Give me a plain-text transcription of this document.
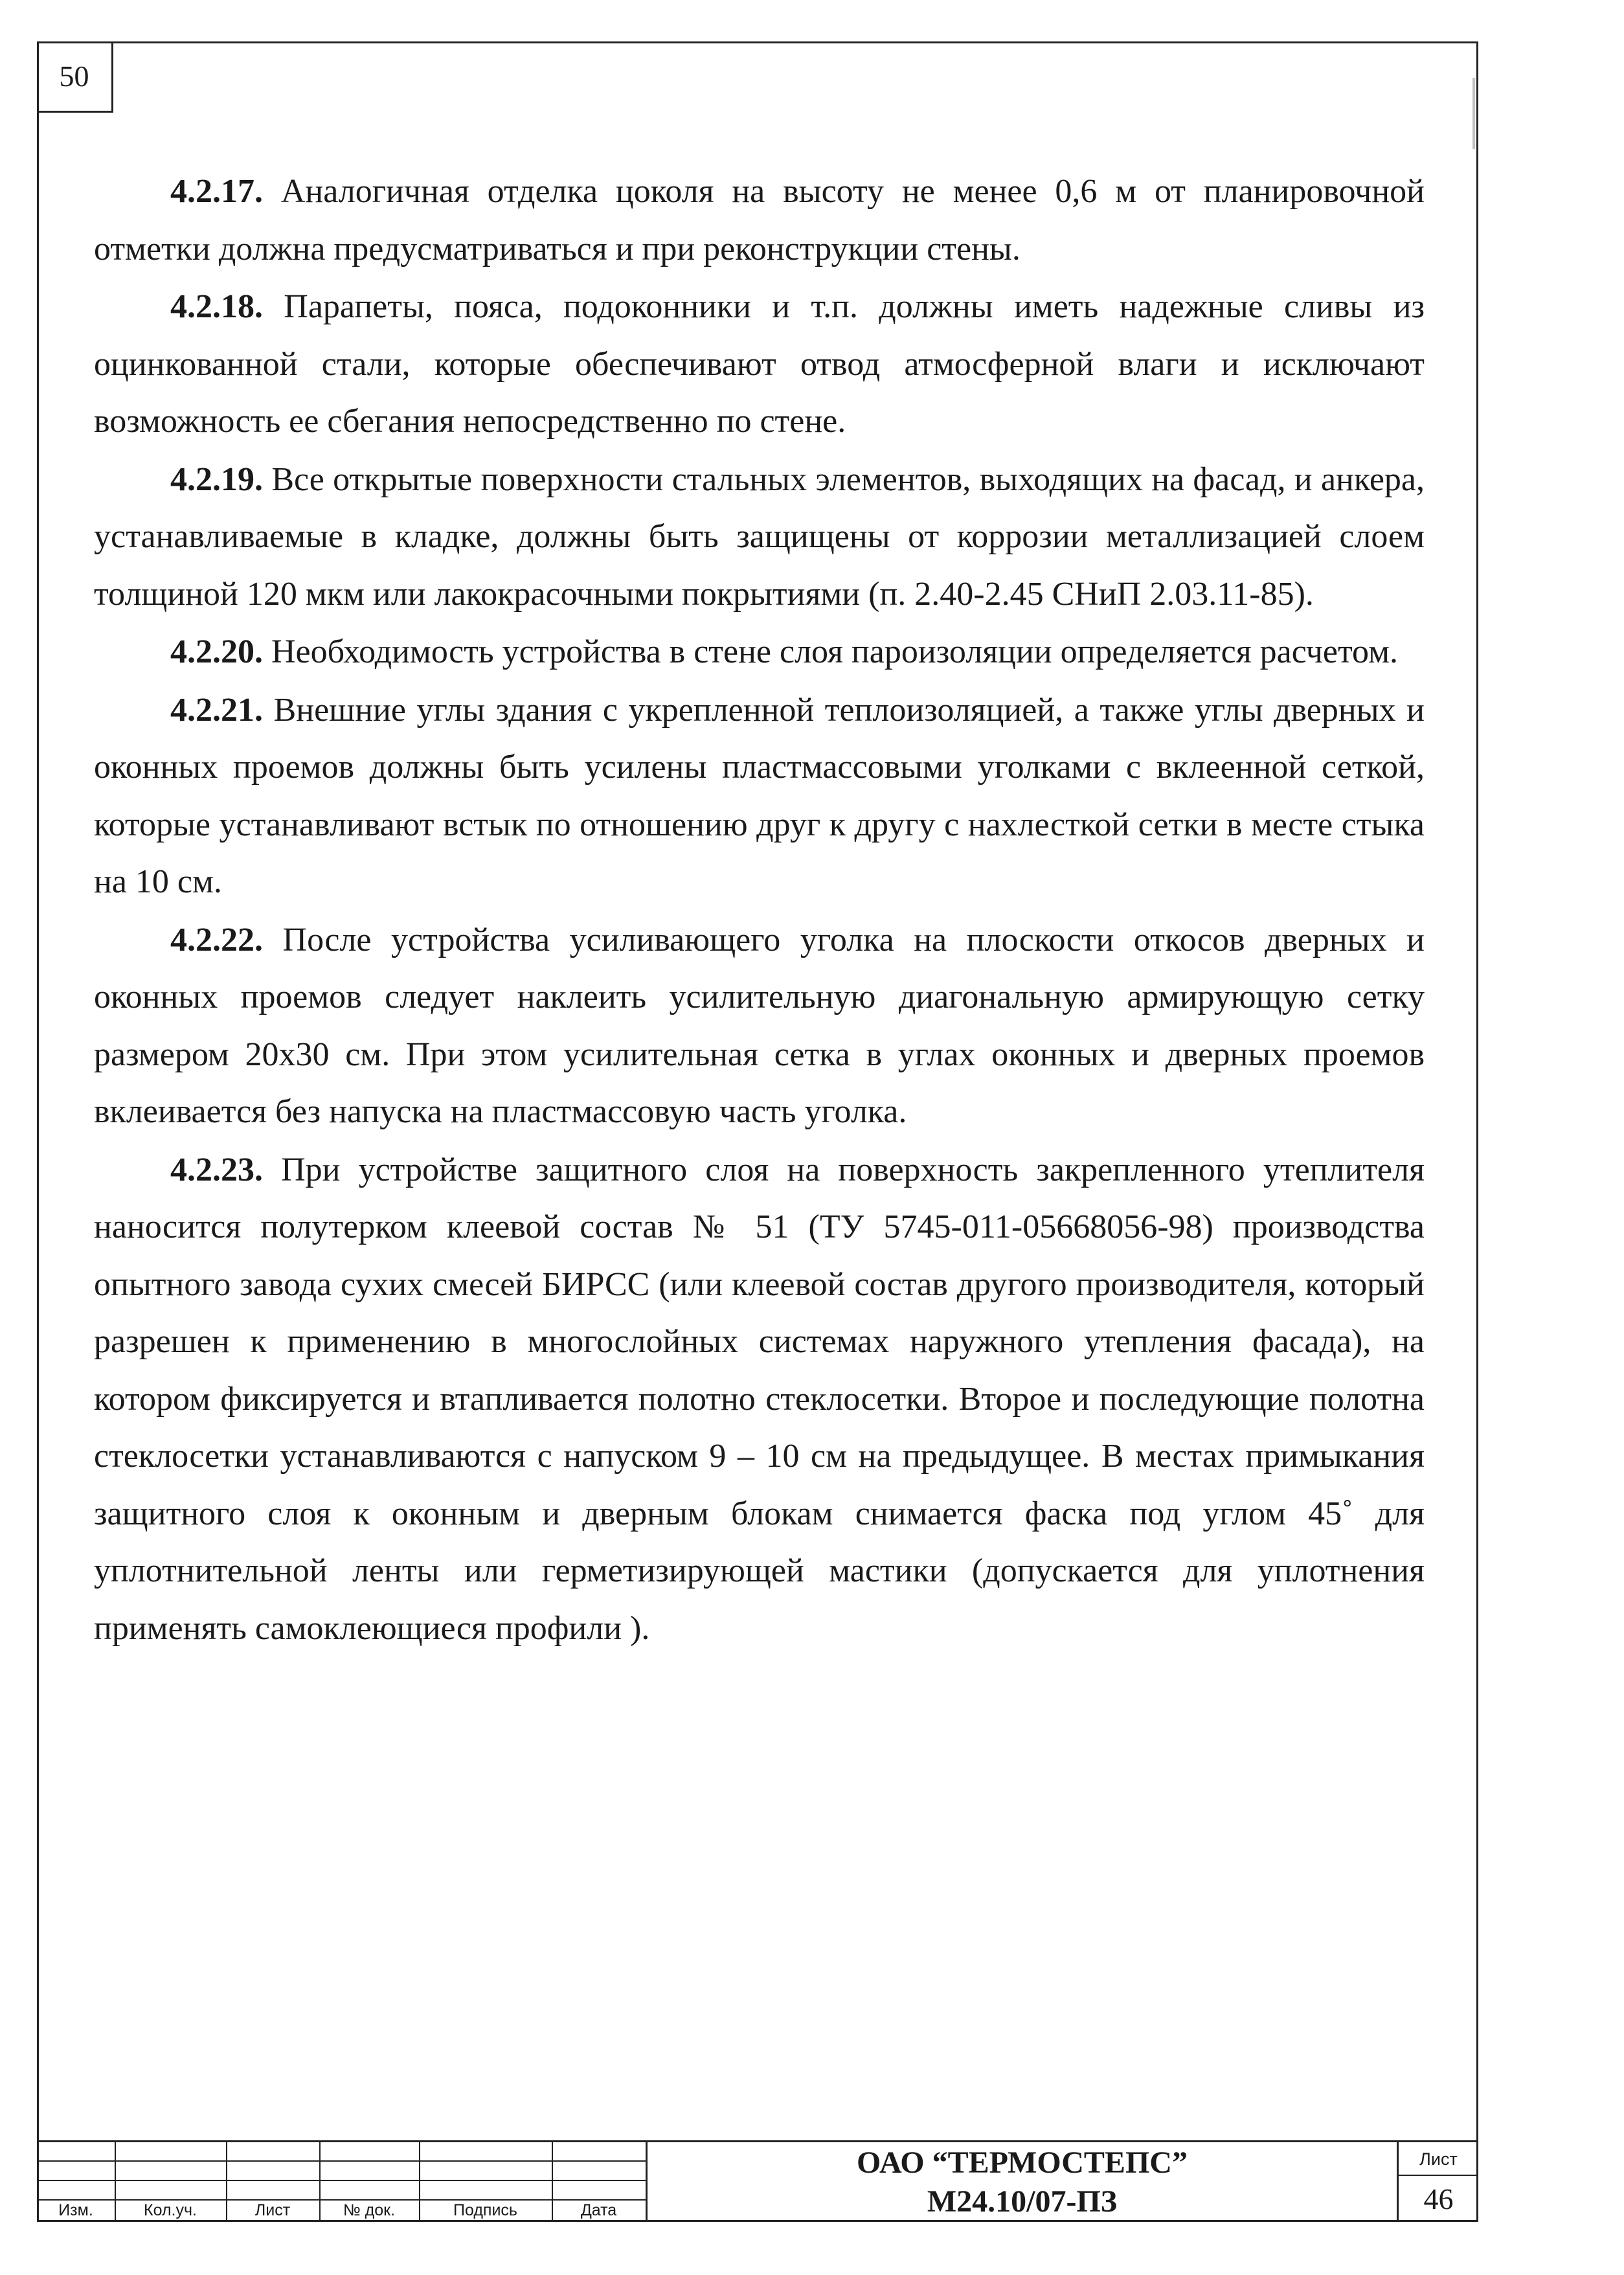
50

4.2.17. Аналогичная отделка цоколя на высоту не менее 0,6 м от планировочной отметки должна предусматриваться и при реконструкции стены.

4.2.18. Парапеты, пояса, подоконники и т.п. должны иметь надежные сливы из оцинкованной стали, которые обеспечивают отвод атмосферной влаги и исключают возможность ее сбегания непосредственно по стене.

4.2.19. Все открытые поверхности стальных элементов, выходящих на фасад, и анкера, устанавливаемые в кладке, должны быть защищены от коррозии металлизацией слоем толщиной 120 мкм или лакокрасочными покрытиями (п. 2.40-2.45 СНиП 2.03.11-85).

4.2.20. Необходимость устройства в стене слоя пароизоляции определяется расчетом.

4.2.21. Внешние углы здания с укрепленной теплоизоляцией, а также углы дверных и оконных проемов должны быть усилены пластмассовыми уголками с вклеенной сеткой, которые устанавливают встык по отношению друг к другу с нахлесткой сетки в месте стыка на 10 см.

4.2.22. После устройства усиливающего уголка на плоскости откосов дверных и оконных проемов следует наклеить усилительную диагональную армирующую сетку размером 20х30 см. При этом усилительная сетка в углах оконных и дверных проемов вклеивается без напуска на пластмассовую часть уголка.

4.2.23. При устройстве защитного слоя на поверхность закрепленного утеплителя наносится полутерком клеевой состав № 51 (ТУ 5745-011-05668056-98) производства опытного завода сухих смесей БИРСС (или клеевой состав другого производителя, который разрешен к применению в многослойных системах наружного утепления фасада), на котором фиксируется и втапливается полотно стеклосетки. Второе и последующие полотна стеклосетки устанавливаются с напуском 9 – 10 см на предыдущее. В местах примыкания защитного слоя к оконным и дверным блокам снимается фаска под углом 45˚ для уплотнительной ленты или герметизирующей мастики (допускается для уплотнения применять самоклеющиеся профили ).

Изм.	Кол.уч.	Лист	№ док.	Подпись	Дата
ОАО “ТЕРМОСТЕПС”
М24.10/07-ПЗ
Лист
46
